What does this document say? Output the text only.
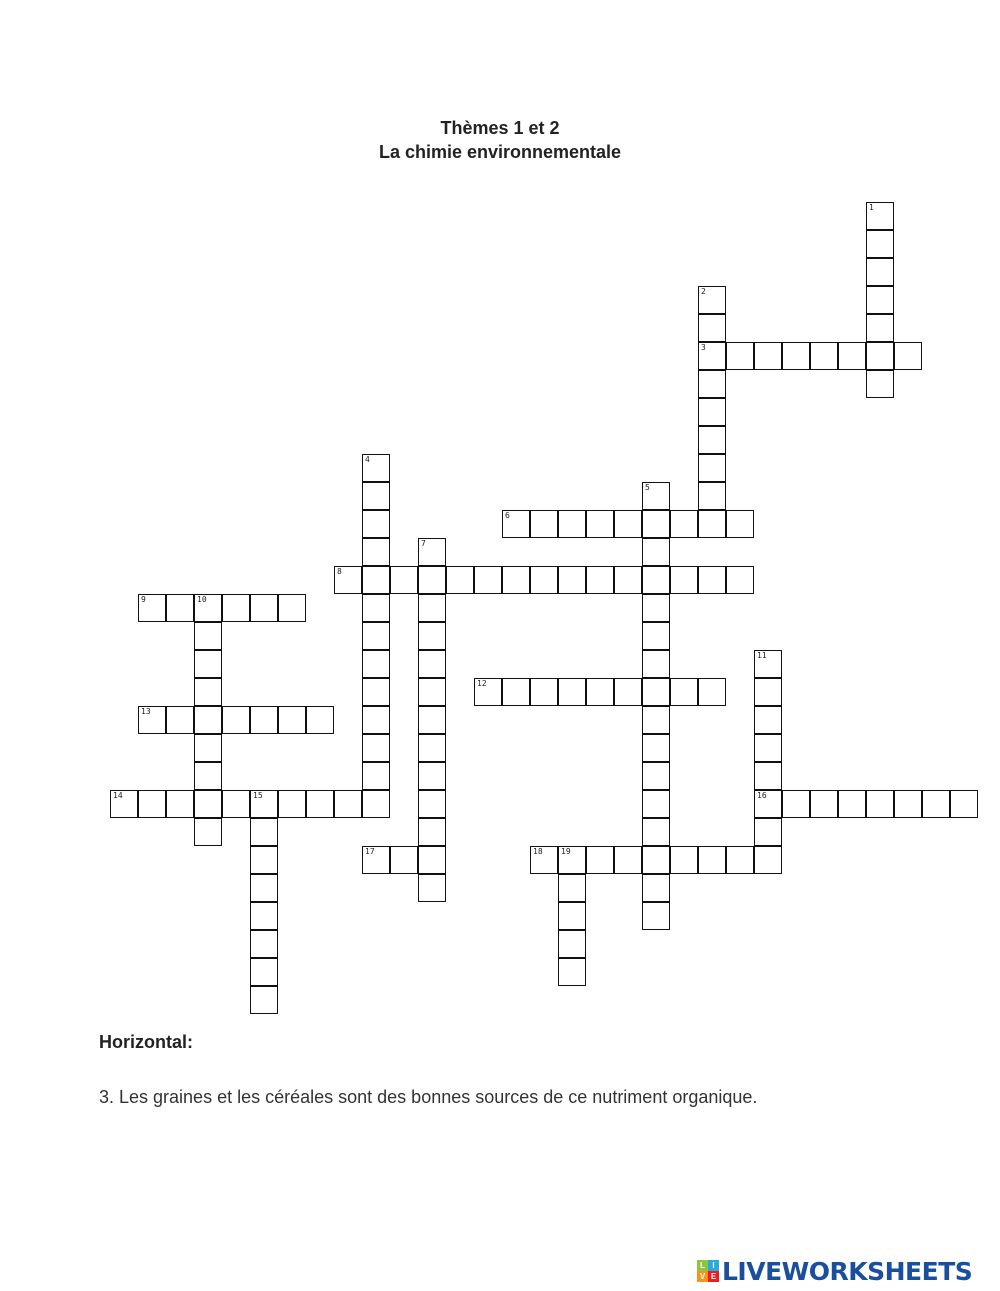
Thèmes 1 et 2
La chimie environnementale
1
2
3
4
5
6
7
8
9	10
11
16
12
13
14	15
17	18 19
Horizontal:
3. Les graines et les céréales sont des bonnes sources de ce nutriment organique.
L I
V E LIVEWORKSHEETS
